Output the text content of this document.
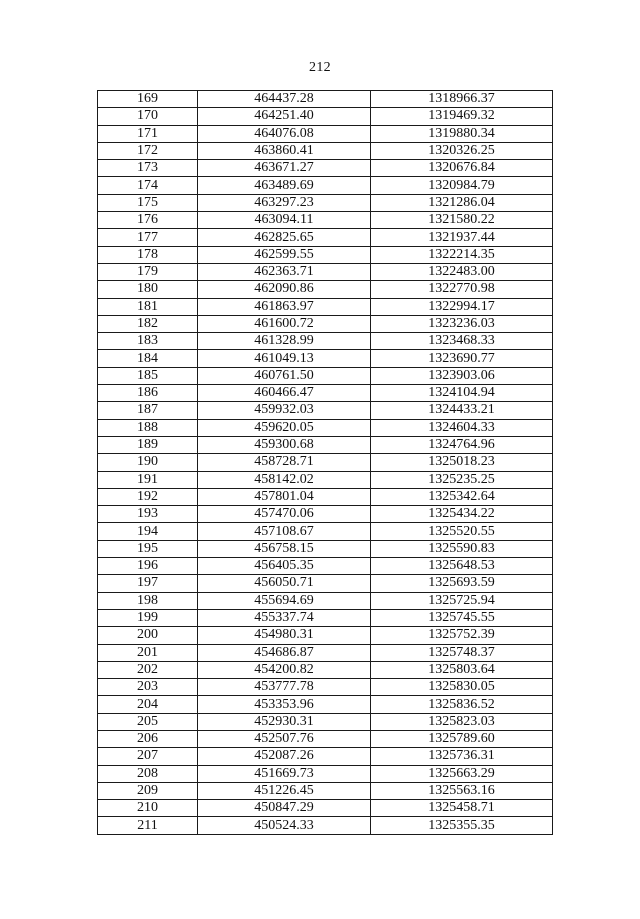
212
169	464437.28	1318966.37
170	464251.40	1319469.32
171	464076.08	1319880.34
172	463860.41	1320326.25
173	463671.27	1320676.84
174	463489.69	1320984.79
175	463297.23	1321286.04
176	463094.11	1321580.22
177	462825.65	1321937.44
178	462599.55	1322214.35
179	462363.71	1322483.00
180	462090.86	1322770.98
181	461863.97	1322994.17
182	461600.72	1323236.03
183	461328.99	1323468.33
184	461049.13	1323690.77
185	460761.50	1323903.06
186	460466.47	1324104.94
187	459932.03	1324433.21
188	459620.05	1324604.33
189	459300.68	1324764.96
190	458728.71	1325018.23
191	458142.02	1325235.25
192	457801.04	1325342.64
193	457470.06	1325434.22
194	457108.67	1325520.55
195	456758.15	1325590.83
196	456405.35	1325648.53
197	456050.71	1325693.59
198	455694.69	1325725.94
199	455337.74	1325745.55
200	454980.31	1325752.39
201	454686.87	1325748.37
202	454200.82	1325803.64
203	453777.78	1325830.05
204	453353.96	1325836.52
205	452930.31	1325823.03
206	452507.76	1325789.60
207	452087.26	1325736.31
208	451669.73	1325663.29
209	451226.45	1325563.16
210	450847.29	1325458.71
211	450524.33	1325355.35
